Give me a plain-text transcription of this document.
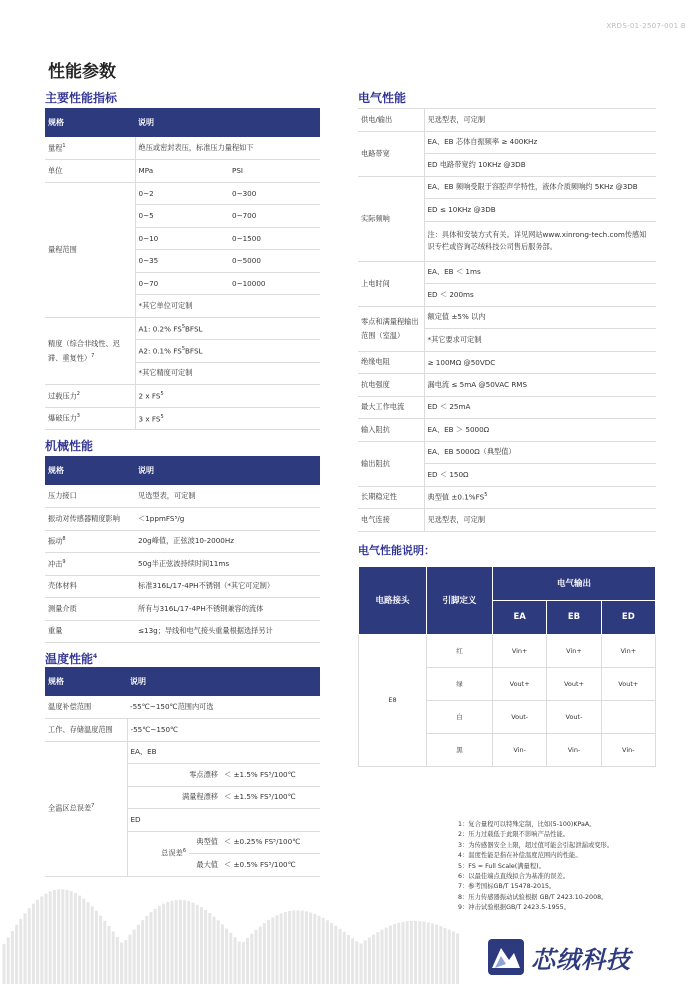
XRDS-01-2507-001 B
性能参数
主要性能指标
规格	说明	
量程$^1$	绝压或密封表压，标准压力量程如下	
单位	MPa	PSI
量程范围	0~2	0~300
	0~5	0~700
	0~10	0~1500
	0~35	0~5000
	0~70	0~10000
	*其它单位可定制	
精度（综合非线性、迟滞、重复性）$^7$	A1: 0.2% $FS^5BFSL$	
	A2: 0.1% $FS^5BFSL$	
	*其它精度可定制	
过载压力$^2$	2 x $FS^5$
爆破压力$^3$	3 x $FS^5$
机械性能
规格	说明
压力接口	见选型表，可定制
振动对传感器精度影响	＜1ppmFS⁵/g
振动$^8$	20g峰值，正弦波10-2000Hz
冲击$^9$	50g半正弦波持续时间11ms
壳体材料	标准316L/17-4PH不锈钢（*其它可定制）
测量介质	所有与316L/17-4PH不锈钢兼容的流体
重量	≤13g；导线和电气接头重量根据选择另计
温度性能$^4$
规格	说明		
温度补偿范围	-55℃~150℃范围内可选		
工作、存储温度范围	-55℃~150℃		
全温区总误差$^7$	EA、EB		
	零点漂移		＜ ±1.5% FS⁵/100℃
	满量程漂移		＜ ±1.5% FS⁵/100℃
	ED		
	总误差$^6$	典型值	＜ ±0.25% FS⁵/100℃
		最大值	＜ ±0.5% FS⁵/100℃
电气性能
供电/输出	见选型表，可定制
电路带宽	EA、EB 芯体自振频率 ≥ 400KHz
	ED 电路带宽约 10KHz @3DB
实际频响	EA、EB 频响受限于容腔声学特性，液体介质频响约 5KHz @3DB
	ED ≤ 10KHz @3DB
	注：具体和安装方式有关。详见网站www.xinrong-tech.com传感知识专栏或咨询芯绒科技公司售后服务部。
上电时间	EA、EB ＜ 1ms
	ED ＜ 200ms
零点和满量程输出范围（室温）	额定值 ±5% 以内
	*其它要求可定制
绝缘电阻	≥ 100MΩ @50VDC
抗电强度	漏电流 ≤ 5mA @50VAC RMS
最大工作电流	ED ＜ 25mA
输入阻抗	EA、EB ＞ 5000Ω
输出阻抗	EA、EB 5000Ω（典型值）
	ED ＜ 150Ω
长期稳定性	典型值 $\pm 0.1\%FS^5$
电气连接	见选型表，可定制
电气性能说明：
电路接头	引脚定义	电气输出		
		EA	EB	ED
E8	红	Vin+	Vin+	Vin+
	绿	Vout+	Vout+	Vout+
	白	Vout-	Vout-	
	黑	Vin-	Vin-	Vin-
1：复合量程可以特殊定制，比如(5-100)KPaA。
2：压力过载低于此限不影响产品性能。
3：为传感器安全上限，超过值可能会引起泄漏或变形。
4：温度性能是指在补偿温度范围内的性能。
5：FS = Full Scale(满量程)。
6：以最佳端点直线拟合为基准的误差。
7：参考国标GB/T 15478-2015。
8：压力传感器振动试验根据 GB/T 2423.10-2008。
9：冲击试验根据GB/T 2423.5-1955。
芯绒科技
